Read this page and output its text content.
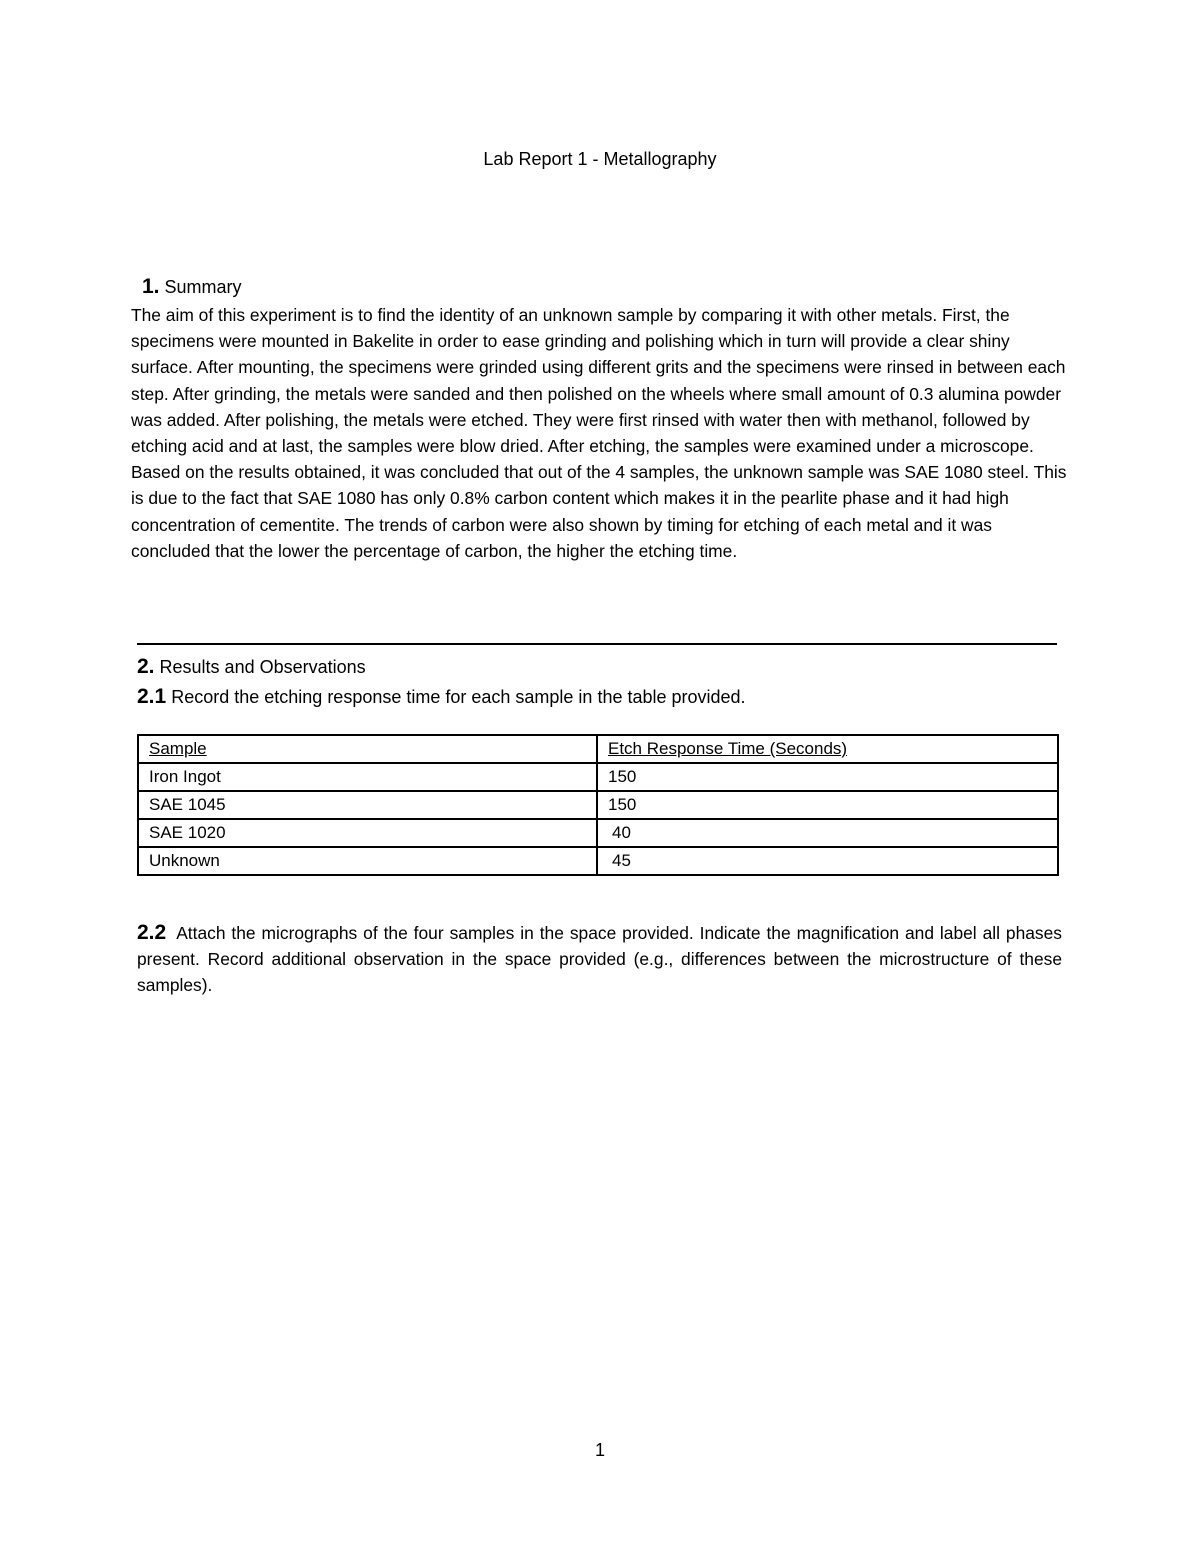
Lab Report 1 - Metallography
1. Summary

The aim of this experiment is to find the identity of an unknown sample by comparing it with other metals. First, the specimens were mounted in Bakelite in order to ease grinding and polishing which in turn will provide a clear shiny surface. After mounting, the specimens were grinded using different grits and the specimens were rinsed in between each step. After grinding, the metals were sanded and then polished on the wheels where small amount of 0.3 alumina powder was added. After polishing, the metals were etched. They were first rinsed with water then with methanol, followed by etching acid and at last, the samples were blow dried. After etching, the samples were examined under a microscope. Based on the results obtained, it was concluded that out of the 4 samples, the unknown sample was SAE 1080 steel. This is due to the fact that SAE 1080 has only 0.8% carbon content which makes it in the pearlite phase and it had high concentration of cementite. The trends of carbon were also shown by timing for etching of each metal and it was concluded that the lower the percentage of carbon, the higher the etching time.

2. Results and Observations
2.1 Record the etching response time for each sample in the table provided.
Sample	Etch Response Time (Seconds)
Iron Ingot	150
SAE 1045	150
SAE 1020	40
Unknown	45

2.2 Attach the micrographs of the four samples in the space provided. Indicate the magnification and label all phases present. Record additional observation in the space provided (e.g., differences between the microstructure of these samples).

1
